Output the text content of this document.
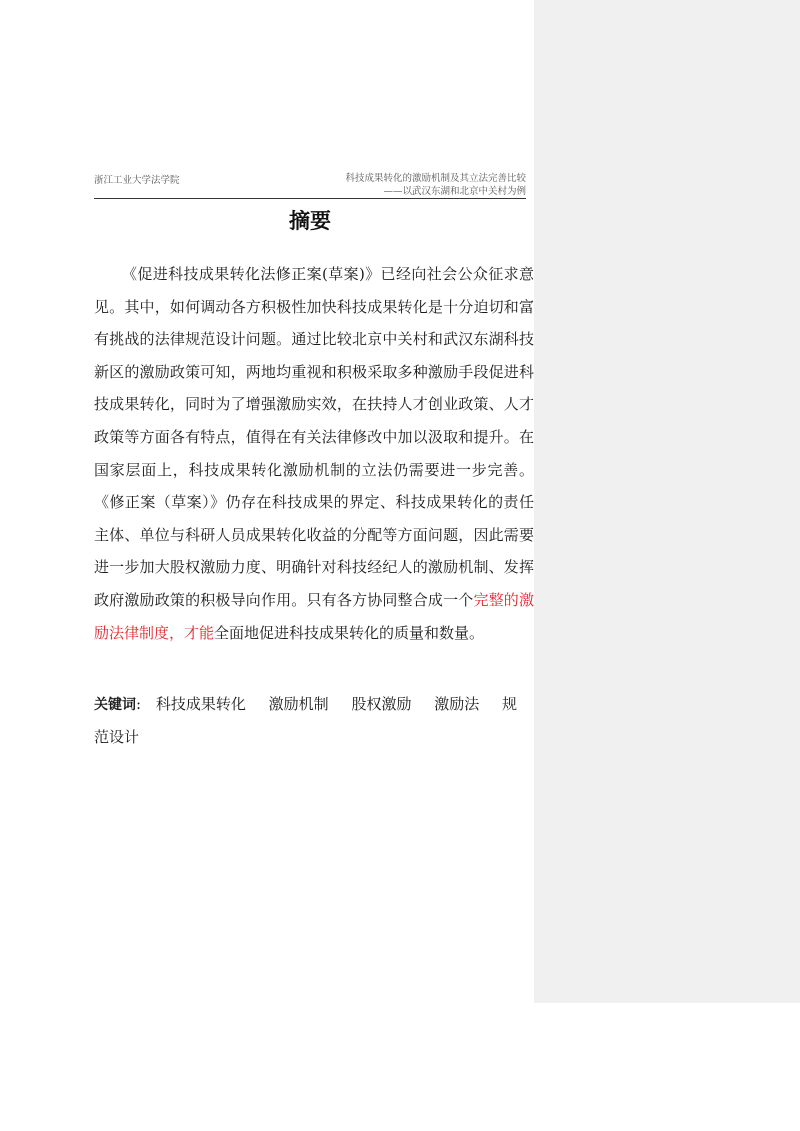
浙江工业大学法学院	科技成果转化的激励机制及其立法完善比较
——以武汉东湖和北京中关村为例
摘要

《促进科技成果转化法修正案(草案)》已经向社会公众征求意见。其中，如何调动各方积极性加快科技成果转化是十分迫切和富有挑战的法律规范设计问题。通过比较北京中关村和武汉东湖科技新区的激励政策可知，两地均重视和积极采取多种激励手段促进科技成果转化，同时为了增强激励实效，在扶持人才创业政策、人才政策等方面各有特点，值得在有关法律修改中加以汲取和提升。在国家层面上，科技成果转化激励机制的立法仍需要进一步完善。《修正案（草案）》仍存在科技成果的界定、科技成果转化的责任主体、单位与科研人员成果转化收益的分配等方面问题，因此需要进一步加大股权激励力度、明确针对科技经纪人的激励机制、发挥政府激励政策的积极导向作用。只有各方协同整合成一个完整的激励法律制度，才能全面地促进科技成果转化的质量和数量。

关键词: 科技成果转化 激励机制 股权激励 激励法 规范设计
